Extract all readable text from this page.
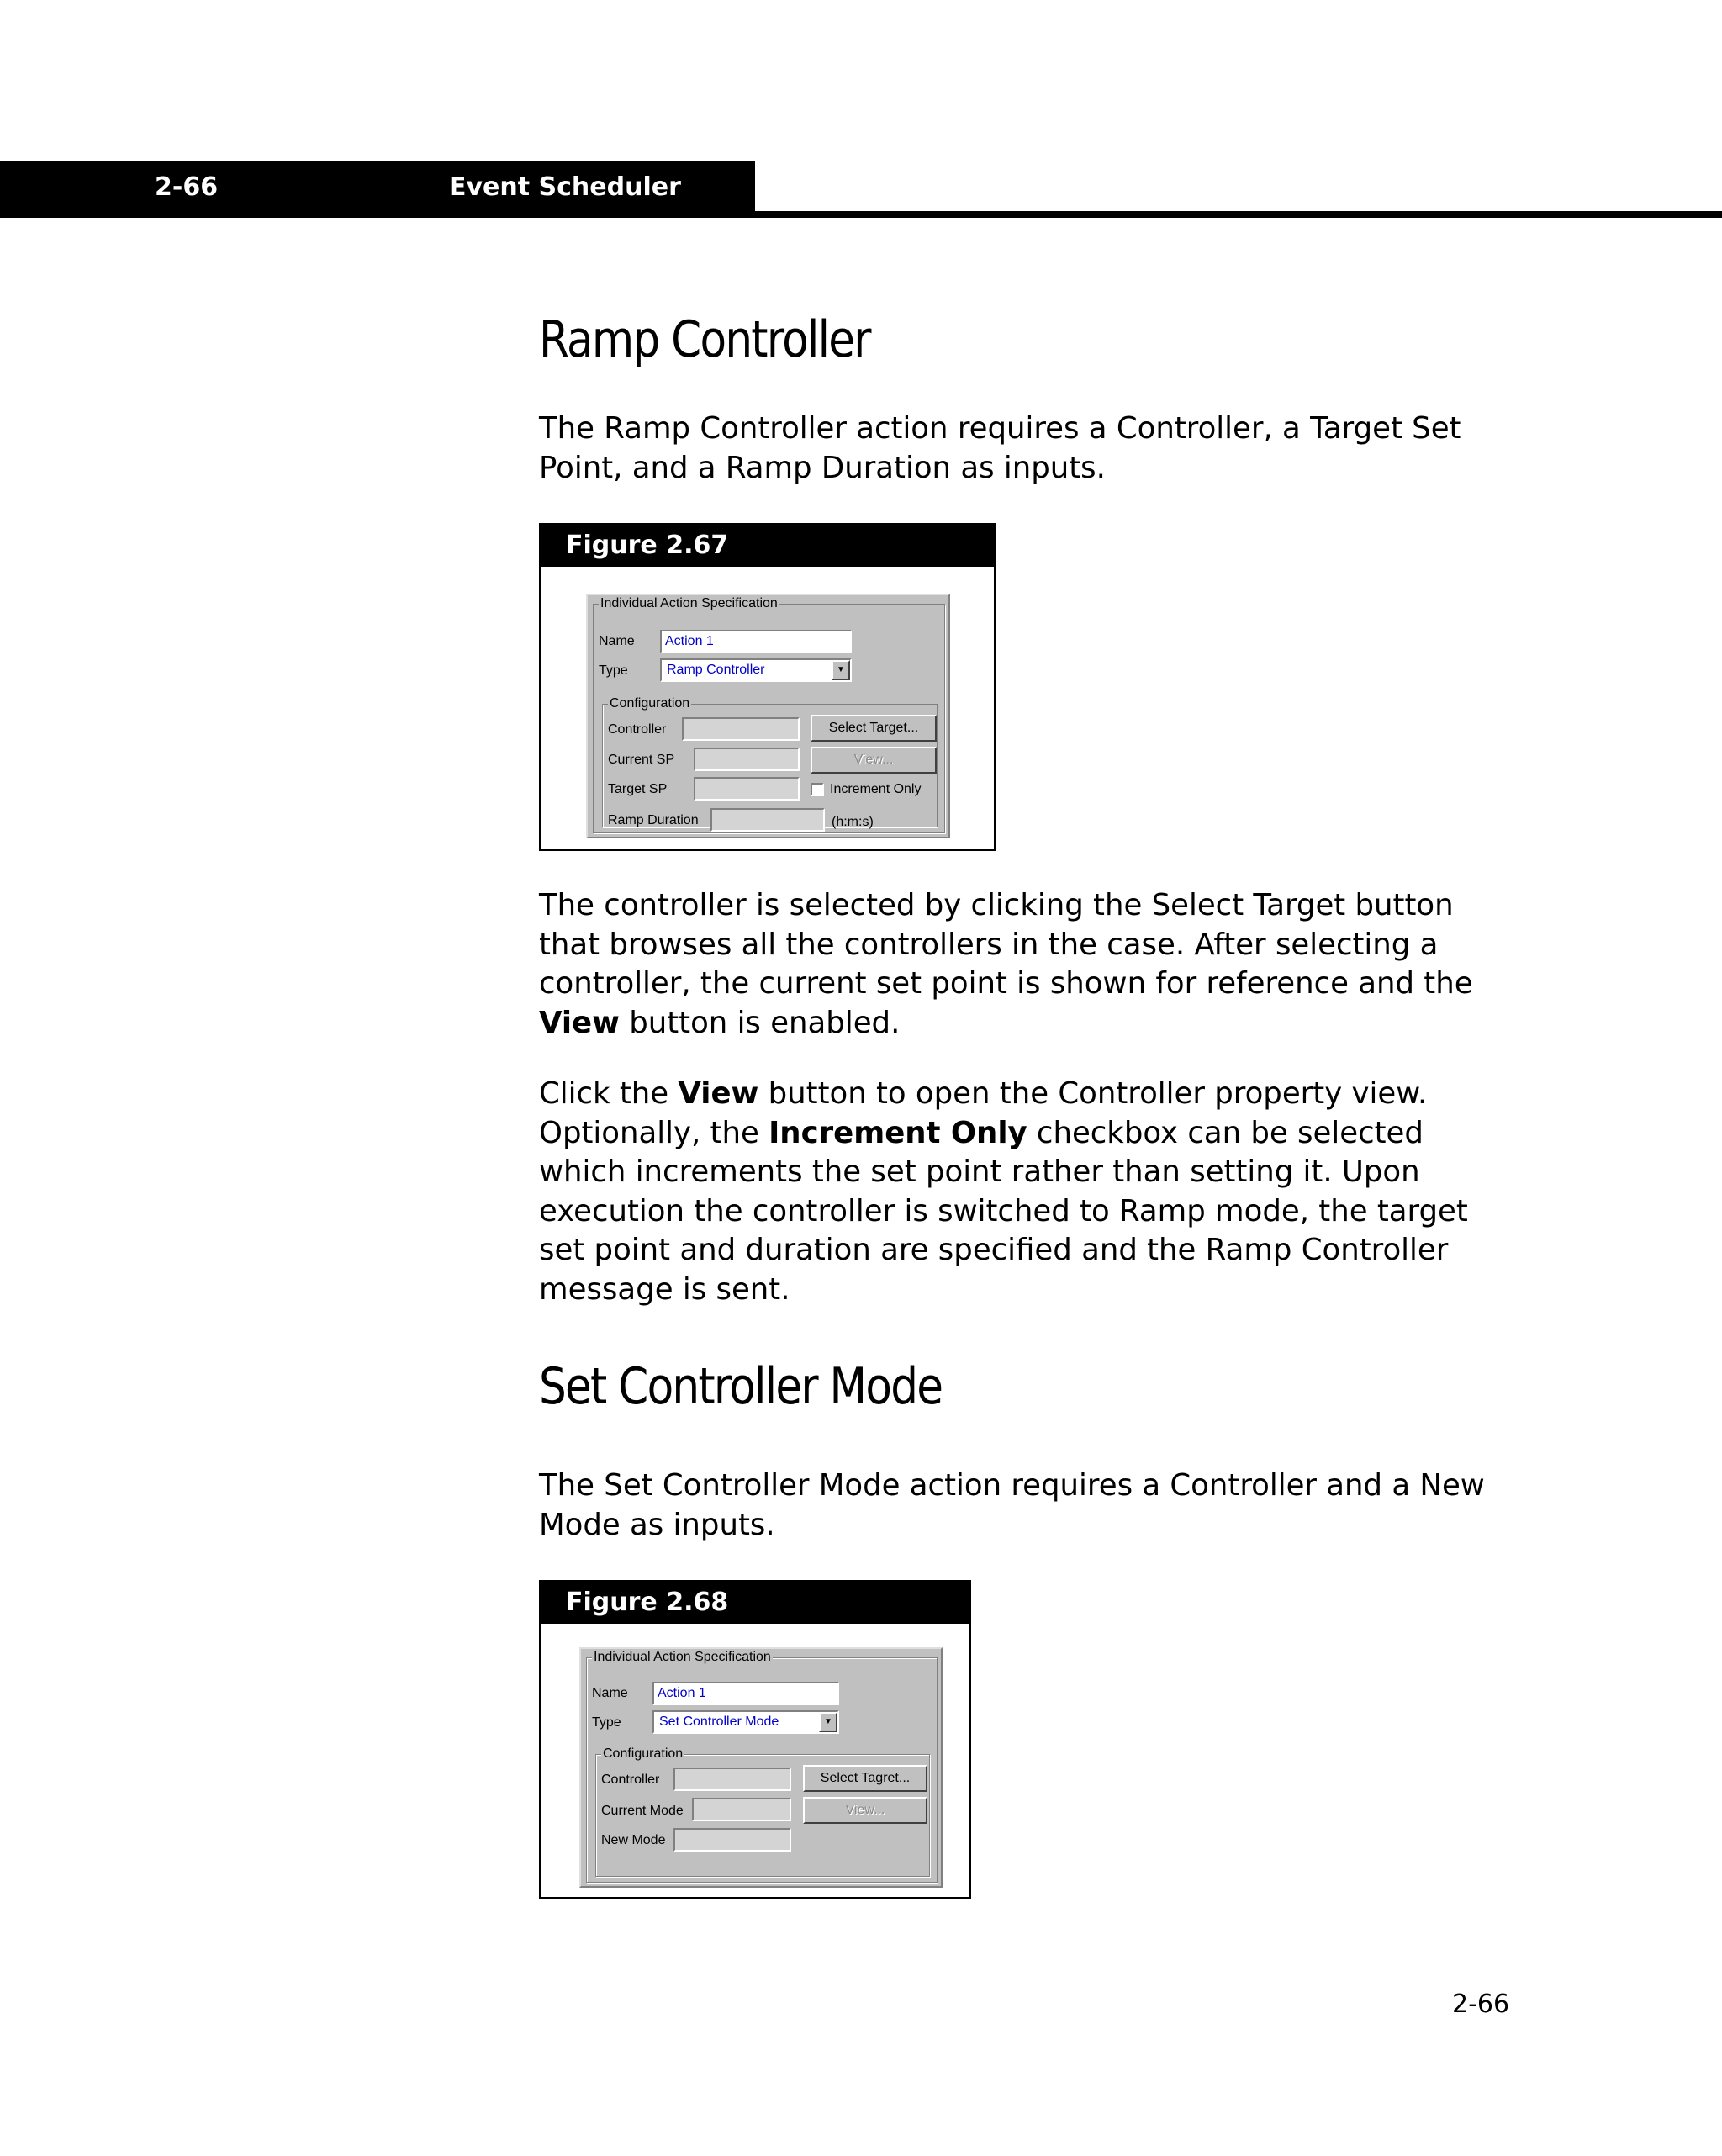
2-66	Event Scheduler
Ramp Controller

The Ramp Controller action requires a Controller, a Target Set Point, and a Ramp Duration as inputs.

Figure 2.67
Individual Action Specification
Name	Action 1
Type	Ramp Controller	▼
Configuration
Controller	Select Target...
Current SP	View...
Target SP	Increment Only
Ramp Duration	(h:m:s)

The controller is selected by clicking the Select Target button that browses all the controllers in the case. After selecting a controller, the current set point is shown for reference and the View button is enabled.

Click the View button to open the Controller property view. Optionally, the Increment Only checkbox can be selected which increments the set point rather than setting it. Upon execution the controller is switched to Ramp mode, the target set point and duration are specified and the Ramp Controller message is sent.

Set Controller Mode

The Set Controller Mode action requires a Controller and a New Mode as inputs.

Figure 2.68
Individual Action Specification
Name	Action 1
Type	Set Controller Mode	▼
Configuration
Controller	Select Tagret...
Current Mode	View...
New Mode
2-66
